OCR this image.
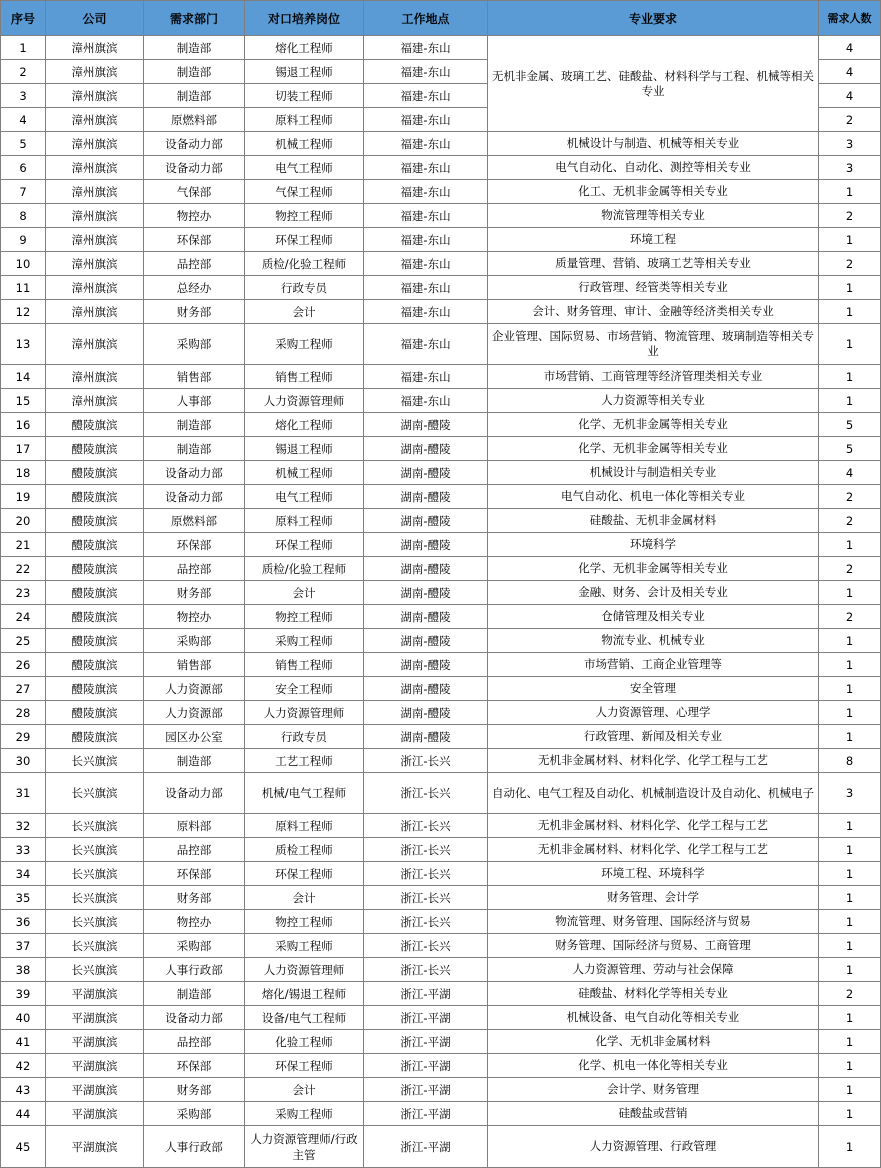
序号	公司	需求部门	对口培养岗位	工作地点	专业要求	需求人数
1	漳州旗滨	制造部	熔化工程师	福建-东山	无机非金属、玻璃工艺、硅酸盐、材料科学与工程、机械等相关专业	4
2	漳州旗滨	制造部	锡退工程师	福建-东山		4
3	漳州旗滨	制造部	切装工程师	福建-东山		4
4	漳州旗滨	原燃料部	原料工程师	福建-东山		2
5	漳州旗滨	设备动力部	机械工程师	福建-东山	机械设计与制造、机械等相关专业	3
6	漳州旗滨	设备动力部	电气工程师	福建-东山	电气自动化、自动化、测控等相关专业	3
7	漳州旗滨	气保部	气保工程师	福建-东山	化工、无机非金属等相关专业	1
8	漳州旗滨	物控办	物控工程师	福建-东山	物流管理等相关专业	2
9	漳州旗滨	环保部	环保工程师	福建-东山	环境工程	1
10	漳州旗滨	品控部	质检/化验工程师	福建-东山	质量管理、营销、玻璃工艺等相关专业	2
11	漳州旗滨	总经办	行政专员	福建-东山	行政管理、经管类等相关专业	1
12	漳州旗滨	财务部	会计	福建-东山	会计、财务管理、审计、金融等经济类相关专业	1
13	漳州旗滨	采购部	采购工程师	福建-东山	企业管理、国际贸易、市场营销、物流管理、玻璃制造等相关专业	1
14	漳州旗滨	销售部	销售工程师	福建-东山	市场营销、工商管理等经济管理类相关专业	1
15	漳州旗滨	人事部	人力资源管理师	福建-东山	人力资源等相关专业	1
16	醴陵旗滨	制造部	熔化工程师	湖南-醴陵	化学、无机非金属等相关专业	5
17	醴陵旗滨	制造部	锡退工程师	湖南-醴陵	化学、无机非金属等相关专业	5
18	醴陵旗滨	设备动力部	机械工程师	湖南-醴陵	机械设计与制造相关专业	4
19	醴陵旗滨	设备动力部	电气工程师	湖南-醴陵	电气自动化、机电一体化等相关专业	2
20	醴陵旗滨	原燃料部	原料工程师	湖南-醴陵	硅酸盐、无机非金属材料	2
21	醴陵旗滨	环保部	环保工程师	湖南-醴陵	环境科学	1
22	醴陵旗滨	品控部	质检/化验工程师	湖南-醴陵	化学、无机非金属等相关专业	2
23	醴陵旗滨	财务部	会计	湖南-醴陵	金融、财务、会计及相关专业	1
24	醴陵旗滨	物控办	物控工程师	湖南-醴陵	仓储管理及相关专业	2
25	醴陵旗滨	采购部	采购工程师	湖南-醴陵	物流专业、机械专业	1
26	醴陵旗滨	销售部	销售工程师	湖南-醴陵	市场营销、工商企业管理等	1
27	醴陵旗滨	人力资源部	安全工程师	湖南-醴陵	安全管理	1
28	醴陵旗滨	人力资源部	人力资源管理师	湖南-醴陵	人力资源管理、心理学	1
29	醴陵旗滨	园区办公室	行政专员	湖南-醴陵	行政管理、新闻及相关专业	1
30	长兴旗滨	制造部	工艺工程师	浙江-长兴	无机非金属材料、材料化学、化学工程与工艺	8
31	长兴旗滨	设备动力部	机械/电气工程师	浙江-长兴	自动化、电气工程及自动化、机械制造设计及自动化、机械电子	3
32	长兴旗滨	原料部	原料工程师	浙江-长兴	无机非金属材料、材料化学、化学工程与工艺	1
33	长兴旗滨	品控部	质检工程师	浙江-长兴	无机非金属材料、材料化学、化学工程与工艺	1
34	长兴旗滨	环保部	环保工程师	浙江-长兴	环境工程、环境科学	1
35	长兴旗滨	财务部	会计	浙江-长兴	财务管理、会计学	1
36	长兴旗滨	物控办	物控工程师	浙江-长兴	物流管理、财务管理、国际经济与贸易	1
37	长兴旗滨	采购部	采购工程师	浙江-长兴	财务管理、国际经济与贸易、工商管理	1
38	长兴旗滨	人事行政部	人力资源管理师	浙江-长兴	人力资源管理、劳动与社会保障	1
39	平湖旗滨	制造部	熔化/锡退工程师	浙江-平湖	硅酸盐、材料化学等相关专业	2
40	平湖旗滨	设备动力部	设备/电气工程师	浙江-平湖	机械设备、电气自动化等相关专业	1
41	平湖旗滨	品控部	化验工程师	浙江-平湖	化学、无机非金属材料	1
42	平湖旗滨	环保部	环保工程师	浙江-平湖	化学、机电一体化等相关专业	1
43	平湖旗滨	财务部	会计	浙江-平湖	会计学、财务管理	1
44	平湖旗滨	采购部	采购工程师	浙江-平湖	硅酸盐或营销	1
45	平湖旗滨	人事行政部	人力资源管理师/行政主管	浙江-平湖	人力资源管理、行政管理	1
